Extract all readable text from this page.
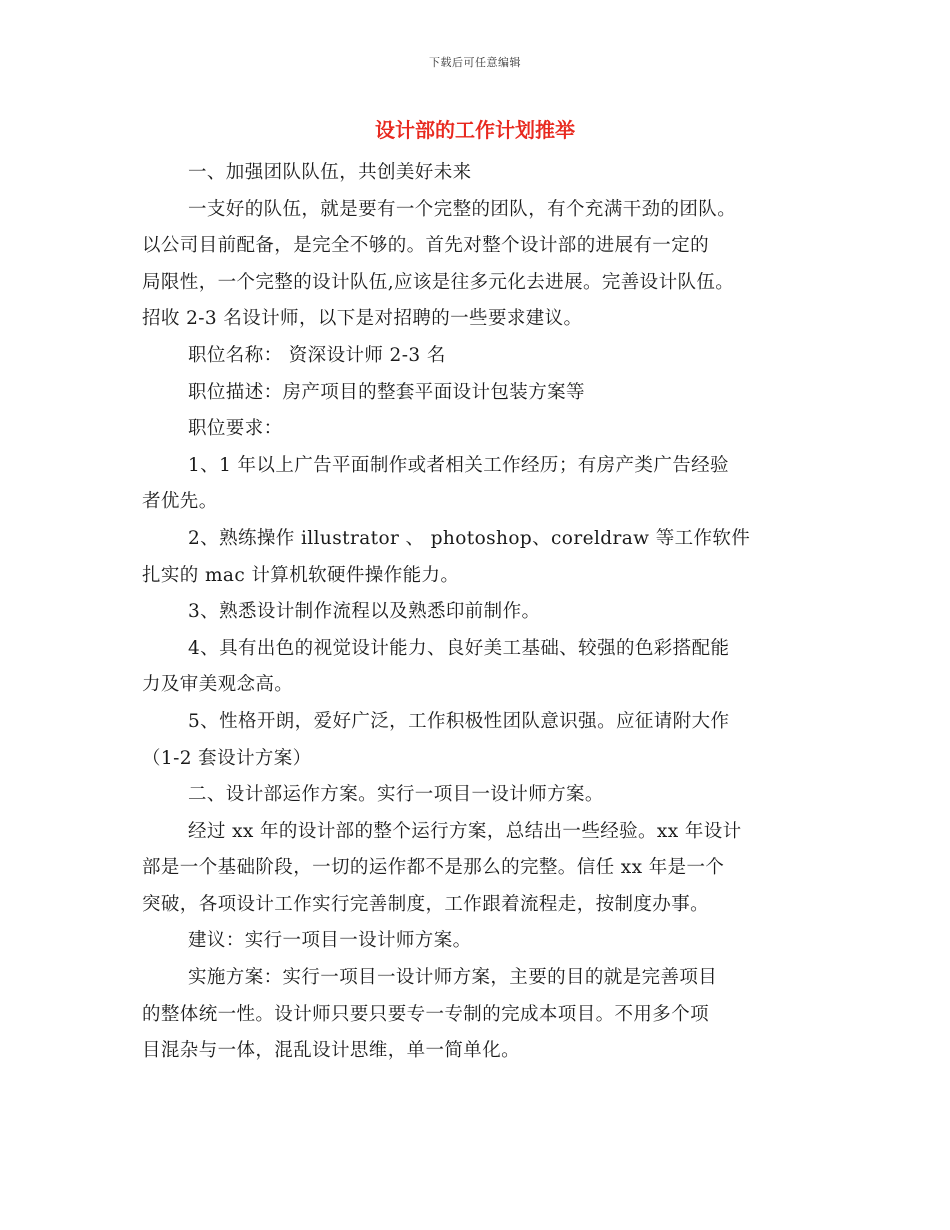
下载后可任意编辑
设计部的工作计划推举
一、加强团队队伍，共创美好未来
一支好的队伍，就是要有一个完整的团队，有个充满干劲的团队。
以公司目前配备，是完全不够的。首先对整个设计部的进展有一定的
局限性，一个完整的设计队伍,应该是往多元化去进展。完善设计队伍。
招收 2-3 名设计师，以下是对招聘的一些要求建议。
职位名称： 资深设计师 2-3 名
职位描述：房产项目的整套平面设计包装方案等
职位要求：
1、1 年以上广告平面制作或者相关工作经历；有房产类广告经验
者优先。
2、熟练操作 illustrator 、 photoshop、coreldraw 等工作软件
扎实的 mac 计算机软硬件操作能力。
3、熟悉设计制作流程以及熟悉印前制作。
4、具有出色的视觉设计能力、良好美工基础、较强的色彩搭配能
力及审美观念高。
5、性格开朗，爱好广泛，工作积极性团队意识强。应征请附大作
（1-2 套设计方案）
二、设计部运作方案。实行一项目一设计师方案。
经过 xx 年的设计部的整个运行方案，总结出一些经验。xx 年设计
部是一个基础阶段，一切的运作都不是那么的完整。信任 xx 年是一个
突破，各项设计工作实行完善制度，工作跟着流程走，按制度办事。
建议：实行一项目一设计师方案。
实施方案：实行一项目一设计师方案，主要的目的就是完善项目
的整体统一性。设计师只要只要专一专制的完成本项目。不用多个项
目混杂与一体，混乱设计思维，单一简单化。
